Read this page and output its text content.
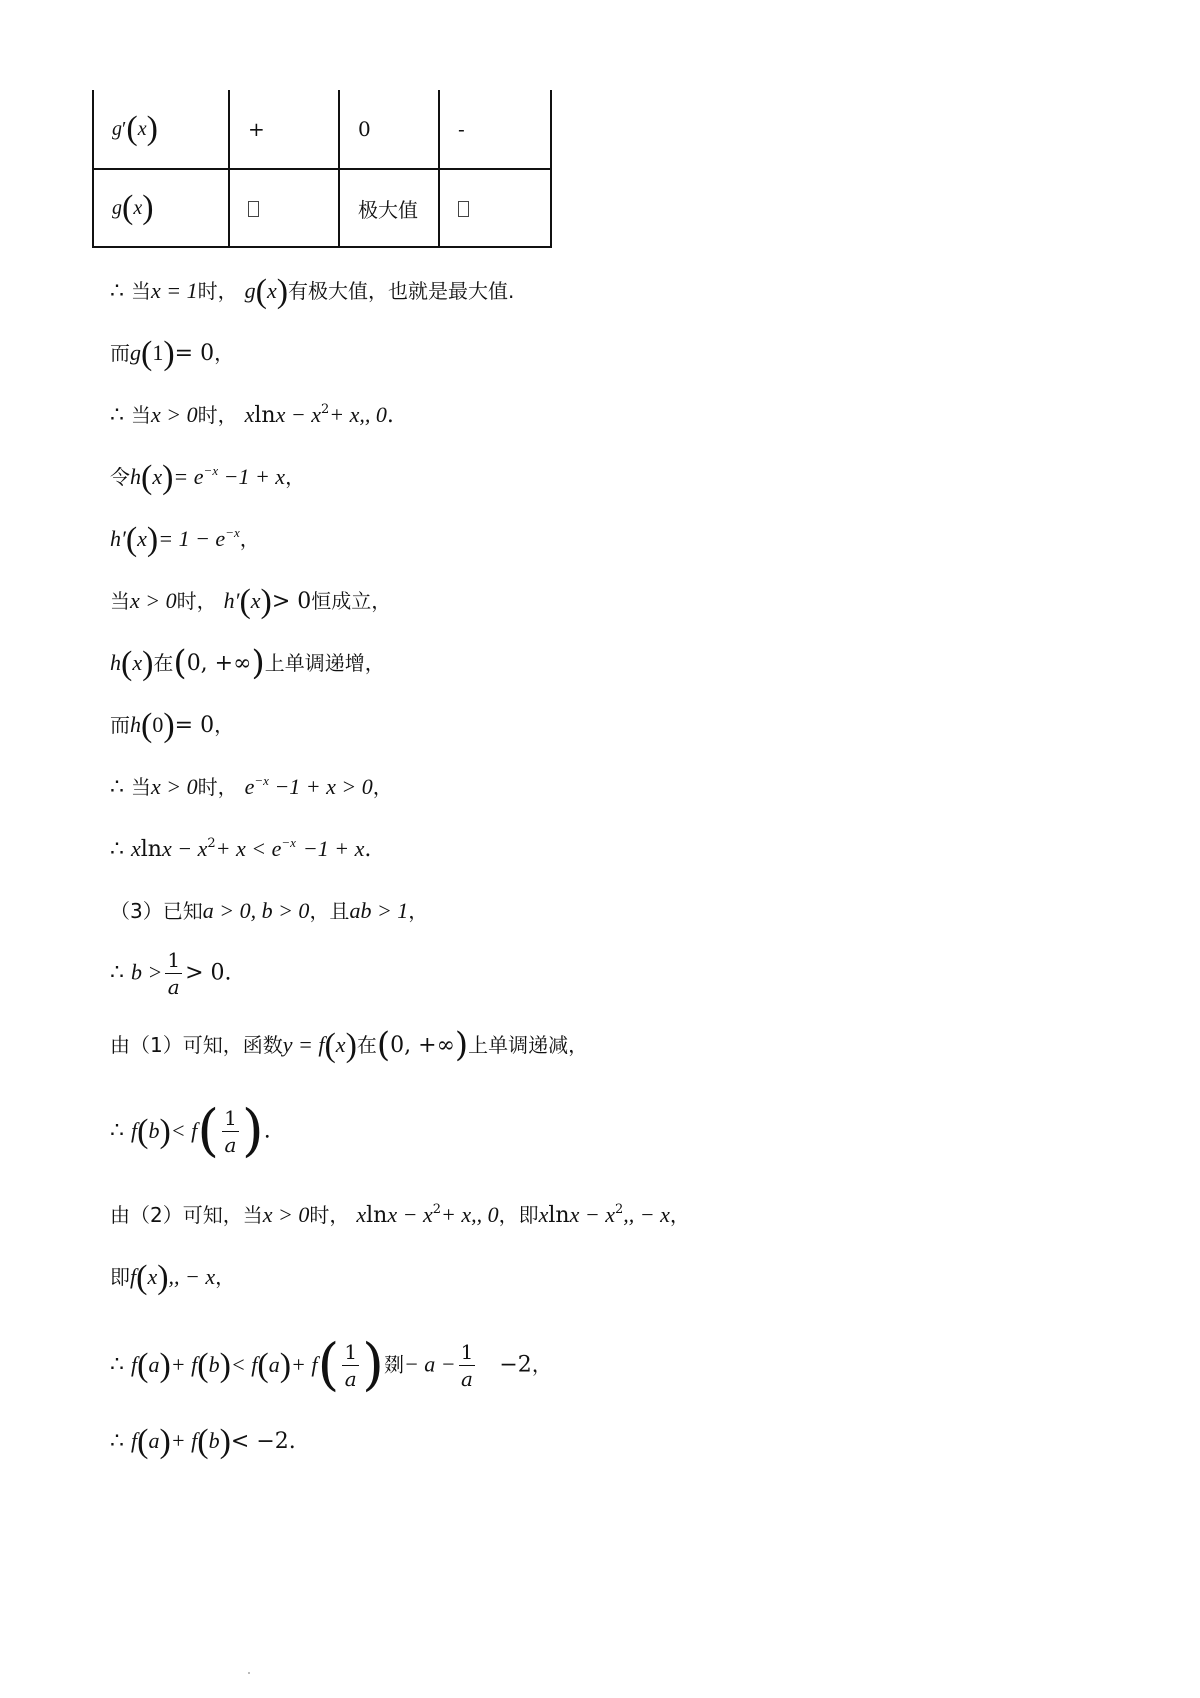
g′(x)	+	0	-
g(x)		极大值	
∴ 当x = 1时， g(x)有极大值，也就是最大值.
而g(1)= 0，
∴ 当x > 0时， $xlnx - x^2+ x$,, 0.
令$h(x)= e^{-x} -1 + x$，
$h'(x)= 1 - e^{-x}$，
当x > 0时， h′(x)> 0恒成立，
h(x)在(0, +∞)上单调递增，
而h(0)= 0，
∴ 当x > 0时， $e^{-x} -1 + x > 0$，
∴ $xlnx - x^2+ x < e^{-x} -1 + x$.
（3）已知a > 0, b > 0，且ab > 1，
∴ $b > \frac{1}{a} > 0$.
由（1）可知，函数y = f(x)在(0, +∞)上单调递减，
∴ $f(b)< f( \frac{1}{a}$ ).
由（2）可知，当x > 0时， $xlnx - x^2+ x$,, 0，即$xlnx - x^2$,, − x，
即f(x),, − x，
∴ $f(a)+ f(b)< f(a)+ f( \frac{1}{a}$ )剟− $a - \frac{1}{a} -2$，
∴ f(a)+ f(b)< −2.
